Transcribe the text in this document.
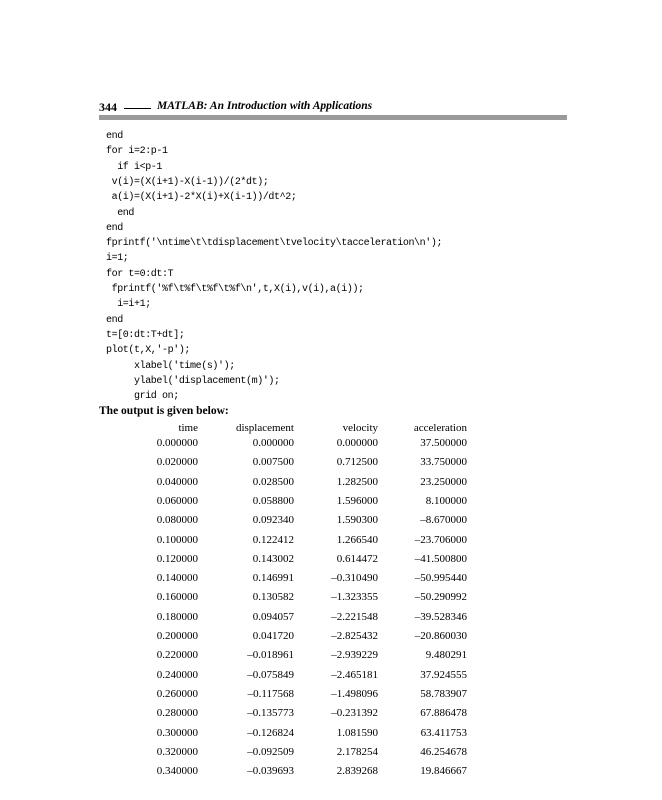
344	MATLAB: An Introduction with Applications
end
for i=2:p-1
if i<p-1
v(i)=(X(i+1)-X(i-1))/(2*dt);
a(i)=(X(i+1)-2*X(i)+X(i-1))/dt^2;
end
end
fprintf('\ntime\t\tdisplacement\tvelocity\tacceleration\n');
i=1;
for t=0:dt:T
fprintf('%f\t%f\t%f\t%f\n',t,X(i),v(i),a(i));
i=i+1;
end
t=[0:dt:T+dt];
plot(t,X,'-p');
xlabel('time(s)');
ylabel('displacement(m)');
grid on;
The output is given below:
time	displacement	velocity	acceleration
0.000000	0.000000	0.000000	37.500000
0.020000	0.007500	0.712500	33.750000
0.040000	0.028500	1.282500	23.250000
0.060000	0.058800	1.596000	8.100000
0.080000	0.092340	1.590300	–8.670000
0.100000	0.122412	1.266540	–23.706000
0.120000	0.143002	0.614472	–41.500800
0.140000	0.146991	–0.310490	–50.995440
0.160000	0.130582	–1.323355	–50.290992
0.180000	0.094057	–2.221548	–39.528346
0.200000	0.041720	–2.825432	–20.860030
0.220000	–0.018961	–2.939229	9.480291
0.240000	–0.075849	–2.465181	37.924555
0.260000	–0.117568	–1.498096	58.783907
0.280000	–0.135773	–0.231392	67.886478
0.300000	–0.126824	1.081590	63.411753
0.320000	–0.092509	2.178254	46.254678
0.340000	–0.039693	2.839268	19.846667
